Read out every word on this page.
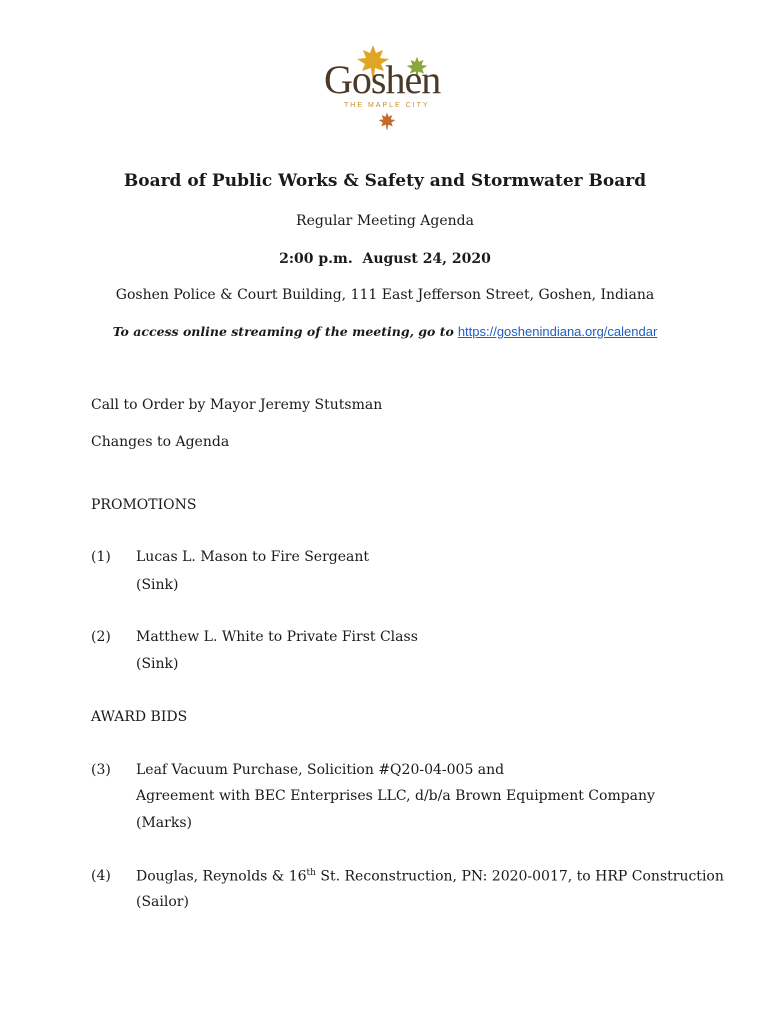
Goshen
THE MAPLE CITY
Board of Public Works & Safety and Stormwater Board
Regular Meeting Agenda
2:00 p.m.  August 24, 2020
Goshen Police & Court Building, 111 East Jefferson Street, Goshen, Indiana
To access online streaming of the meeting, go to https://goshenindiana.org/calendar
Call to Order by Mayor Jeremy Stutsman
Changes to Agenda
PROMOTIONS
(1) Lucas L. Mason to Fire Sergeant
(Sink)
(2) Matthew L. White to Private First Class
(Sink)
AWARD BIDS
(3) Leaf Vacuum Purchase, Solicition #Q20-04-005 and
Agreement with BEC Enterprises LLC, d/b/a Brown Equipment Company
(Marks)
(4) Douglas, Reynolds & 16th St. Reconstruction, PN: 2020-0017, to HRP Construction
(Sailor)
